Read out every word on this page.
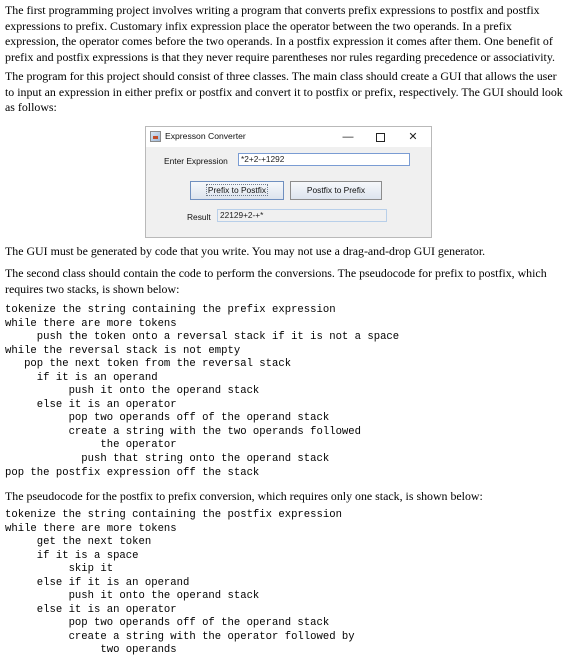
The first programming project involves writing a program that converts prefix expressions to postfix and postfix
expressions to prefix. Customary infix expression place the operator between the two operands. In a prefix
expression, the operator comes before the two operands. In a postfix expression it comes after them. One benefit of
prefix and postfix expressions is that they never require parentheses nor rules regarding precedence or associativity.

The program for this project should consist of three classes. The main class should create a GUI that allows the user
to input an expression in either prefix or postfix and convert it to postfix or prefix, respectively. The GUI should look
as follows:

Expresson Converter	—	✕
Enter Expression	*2+2-+1292
Prefix to Postfix	Postfix to Prefix
Result	22129+2-+*

The GUI must be generated by code that you write. You may not use a drag-and-drop GUI generator.

The second class should contain the code to perform the conversions. The pseudocode for prefix to postfix, which
requires two stacks, is shown below:

tokenize the string containing the prefix expression
while there are more tokens
push the token onto a reversal stack if it is not a space
while the reversal stack is not empty
pop the next token from the reversal stack
if it is an operand
push it onto the operand stack
else it is an operator
pop two operands off of the operand stack
create a string with the two operands followed
the operator
push that string onto the operand stack
pop the postfix expression off the stack

The pseudocode for the postfix to prefix conversion, which requires only one stack, is shown below:

tokenize the string containing the postfix expression
while there are more tokens
get the next token
if it is a space
skip it
else if it is an operand
push it onto the operand stack
else it is an operator
pop two operands off of the operand stack
create a string with the operator followed by
two operands
